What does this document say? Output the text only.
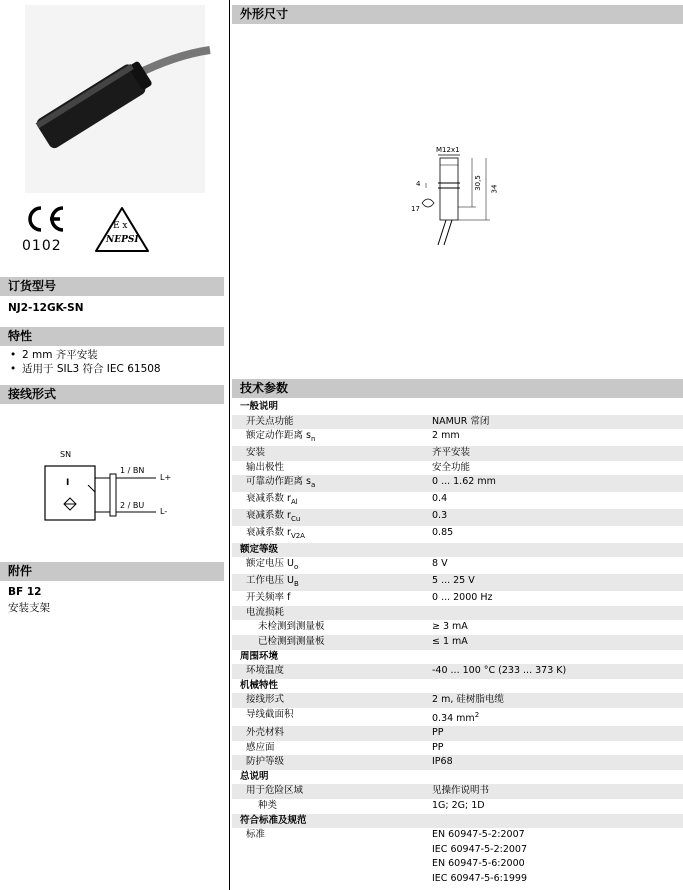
0102
E x
NEPSI
订货型号
NJ2-12GK-SN
特性
• 2 mm 齐平安装
• 适用于 SIL3 符合 IEC 61508
接线形式
SN
I
1 / BN
2 / BU
L+
L-
附件
BF 12
安装支架
外形尺寸
M12x1
4	30,5 34
17
技术参数
一般说明	
开关点功能	NAMUR 常闭
额定动作距离 $s_n$	2 mm
安装	齐平安装
输出极性	安全功能
可靠动作距离 $s_a$	0 ... 1.62 mm
衰减系数 $r_{Al}$	0.4
衰减系数 $r_{Cu}$	0.3
衰减系数 $r_{V2A}$	0.85
额定等级	
额定电压 $U_o$	8 V
工作电压 $U_B$	5 ... 25 V
开关频率 f	0 ... 2000 Hz
电流损耗	
未检测到测量板	≥ 3 mA
已检测到测量板	≤ 1 mA
周围环境	
环境温度	-40 ... 100 °C (233 ... 373 K)
机械特性	
接线形式	2 m, 硅树脂电缆
导线截面积	0.34 $mm^2$
外壳材料	PP
感应面	PP
防护等级	IP68
总说明	
用于危险区域	见操作说明书
种类	1G; 2G; 1D
符合标准及规范	
标准	EN 60947-5-2:2007
	IEC 60947-5-2:2007
	EN 60947-5-6:2000
	IEC 60947-5-6:1999
